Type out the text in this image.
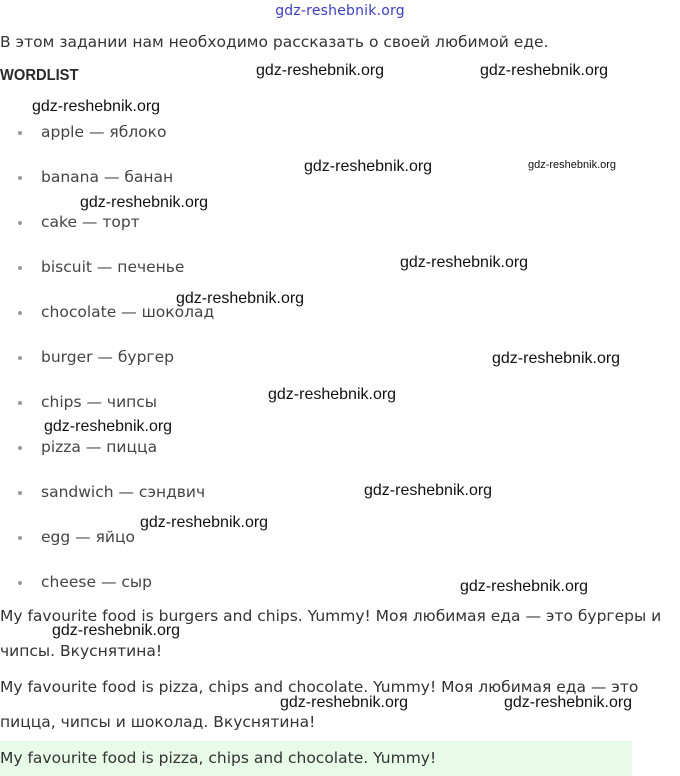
gdz-reshebnik.org

В этом задании нам необходимо рассказать о своей любимой еде.

WORDLIST
apple — яблоко
banana — банан
cake — торт
biscuit — печенье
chocolate — шоколад
burger — бургер
chips — чипсы
pizza — пицца
sandwich — сэндвич
egg — яйцо
cheese — сыр

My favourite food is burgers and chips. Yummy! Моя любимая еда — это бургеры и чипсы. Вкуснятина!

My favourite food is pizza, chips and chocolate. Yummy! Моя любимая еда — это пицца, чипсы и шоколад. Вкуснятина!

My favourite food is pizza, chips and chocolate. Yummy!

gdz-reshebnik.org	gdz-reshebnik.org
gdz-reshebnik.org
gdz-reshebnik.org	gdz-reshebnik.org
gdz-reshebnik.org
gdz-reshebnik.org
gdz-reshebnik.org
gdz-reshebnik.org
gdz-reshebnik.org
gdz-reshebnik.org
gdz-reshebnik.org
gdz-reshebnik.org
gdz-reshebnik.org
gdz-reshebnik.org
gdz-reshebnik.org	gdz-reshebnik.org
